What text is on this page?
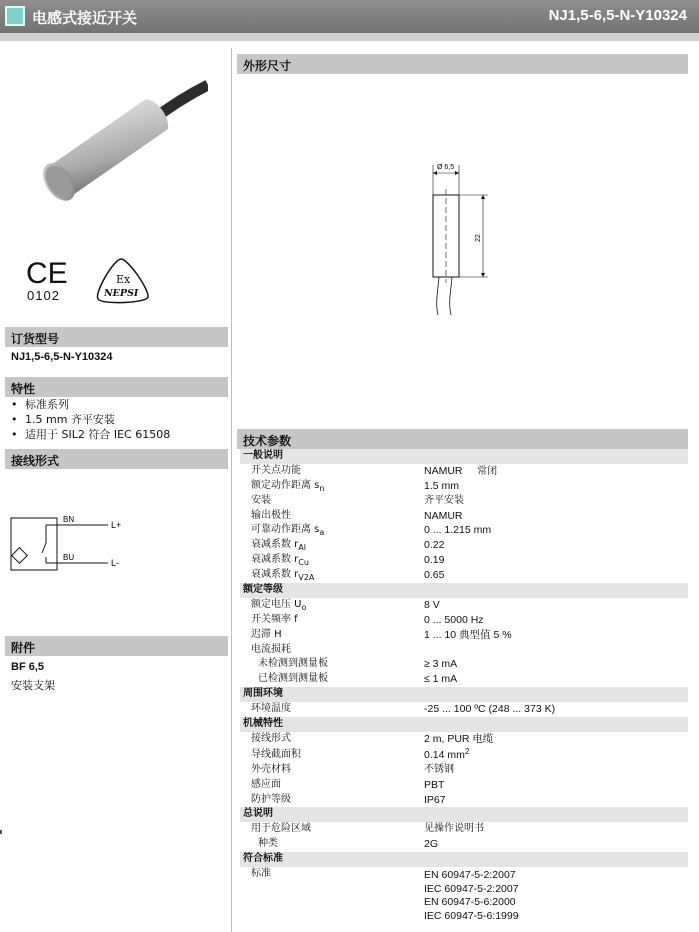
电感式接近开关	NJ1,5-6,5-N-Y10324
CE	Ex
NEPSI
0102
订货型号
NJ1,5-6,5-N-Y10324
特性
• 标准系列
• 1.5 mm 齐平安装
• 适用于 SIL2 符合 IEC 61508
接线形式
BN
BU
L+
L-
附件
BF 6,5
安装支架
外形尺寸
Ø 6,5
22
技术参数
一般说明
开关点功能	NAMUR 常闭
额定动作距离 $s_n$	1.5 mm
安装	齐平安装
输出极性	NAMUR
可靠动作距离 $s_a$	0 ... 1.215 mm
衰减系数 $r_{Al}$	0.22
衰减系数 $r_{Cu}$	0.19
衰减系数 $r_{V2A}$	0.65
额定等级
额定电压 $U_o$	8 V
开关频率 f	0 ... 5000 Hz
迟滞 H	1 ... 10 典型值 5 %
电流损耗
未检测到测量板	≥ 3 mA
已检测到测量板	≤ 1 mA
周围环境
环境温度	-25 ... 100 ºC (248 ... 373 K)
机械特性
接线形式	2 m, PUR 电缆
导线截面积	0.14 $mm^2$
外壳材料	不锈钢
感应面	PBT
防护等级	IP67
总说明
用于危险区域	见操作说明书
种类	2G
符合标准
标准	EN 60947-5-2:2007
IEC 60947-5-2:2007
EN 60947-5-6:2000
IEC 60947-5-6:1999
